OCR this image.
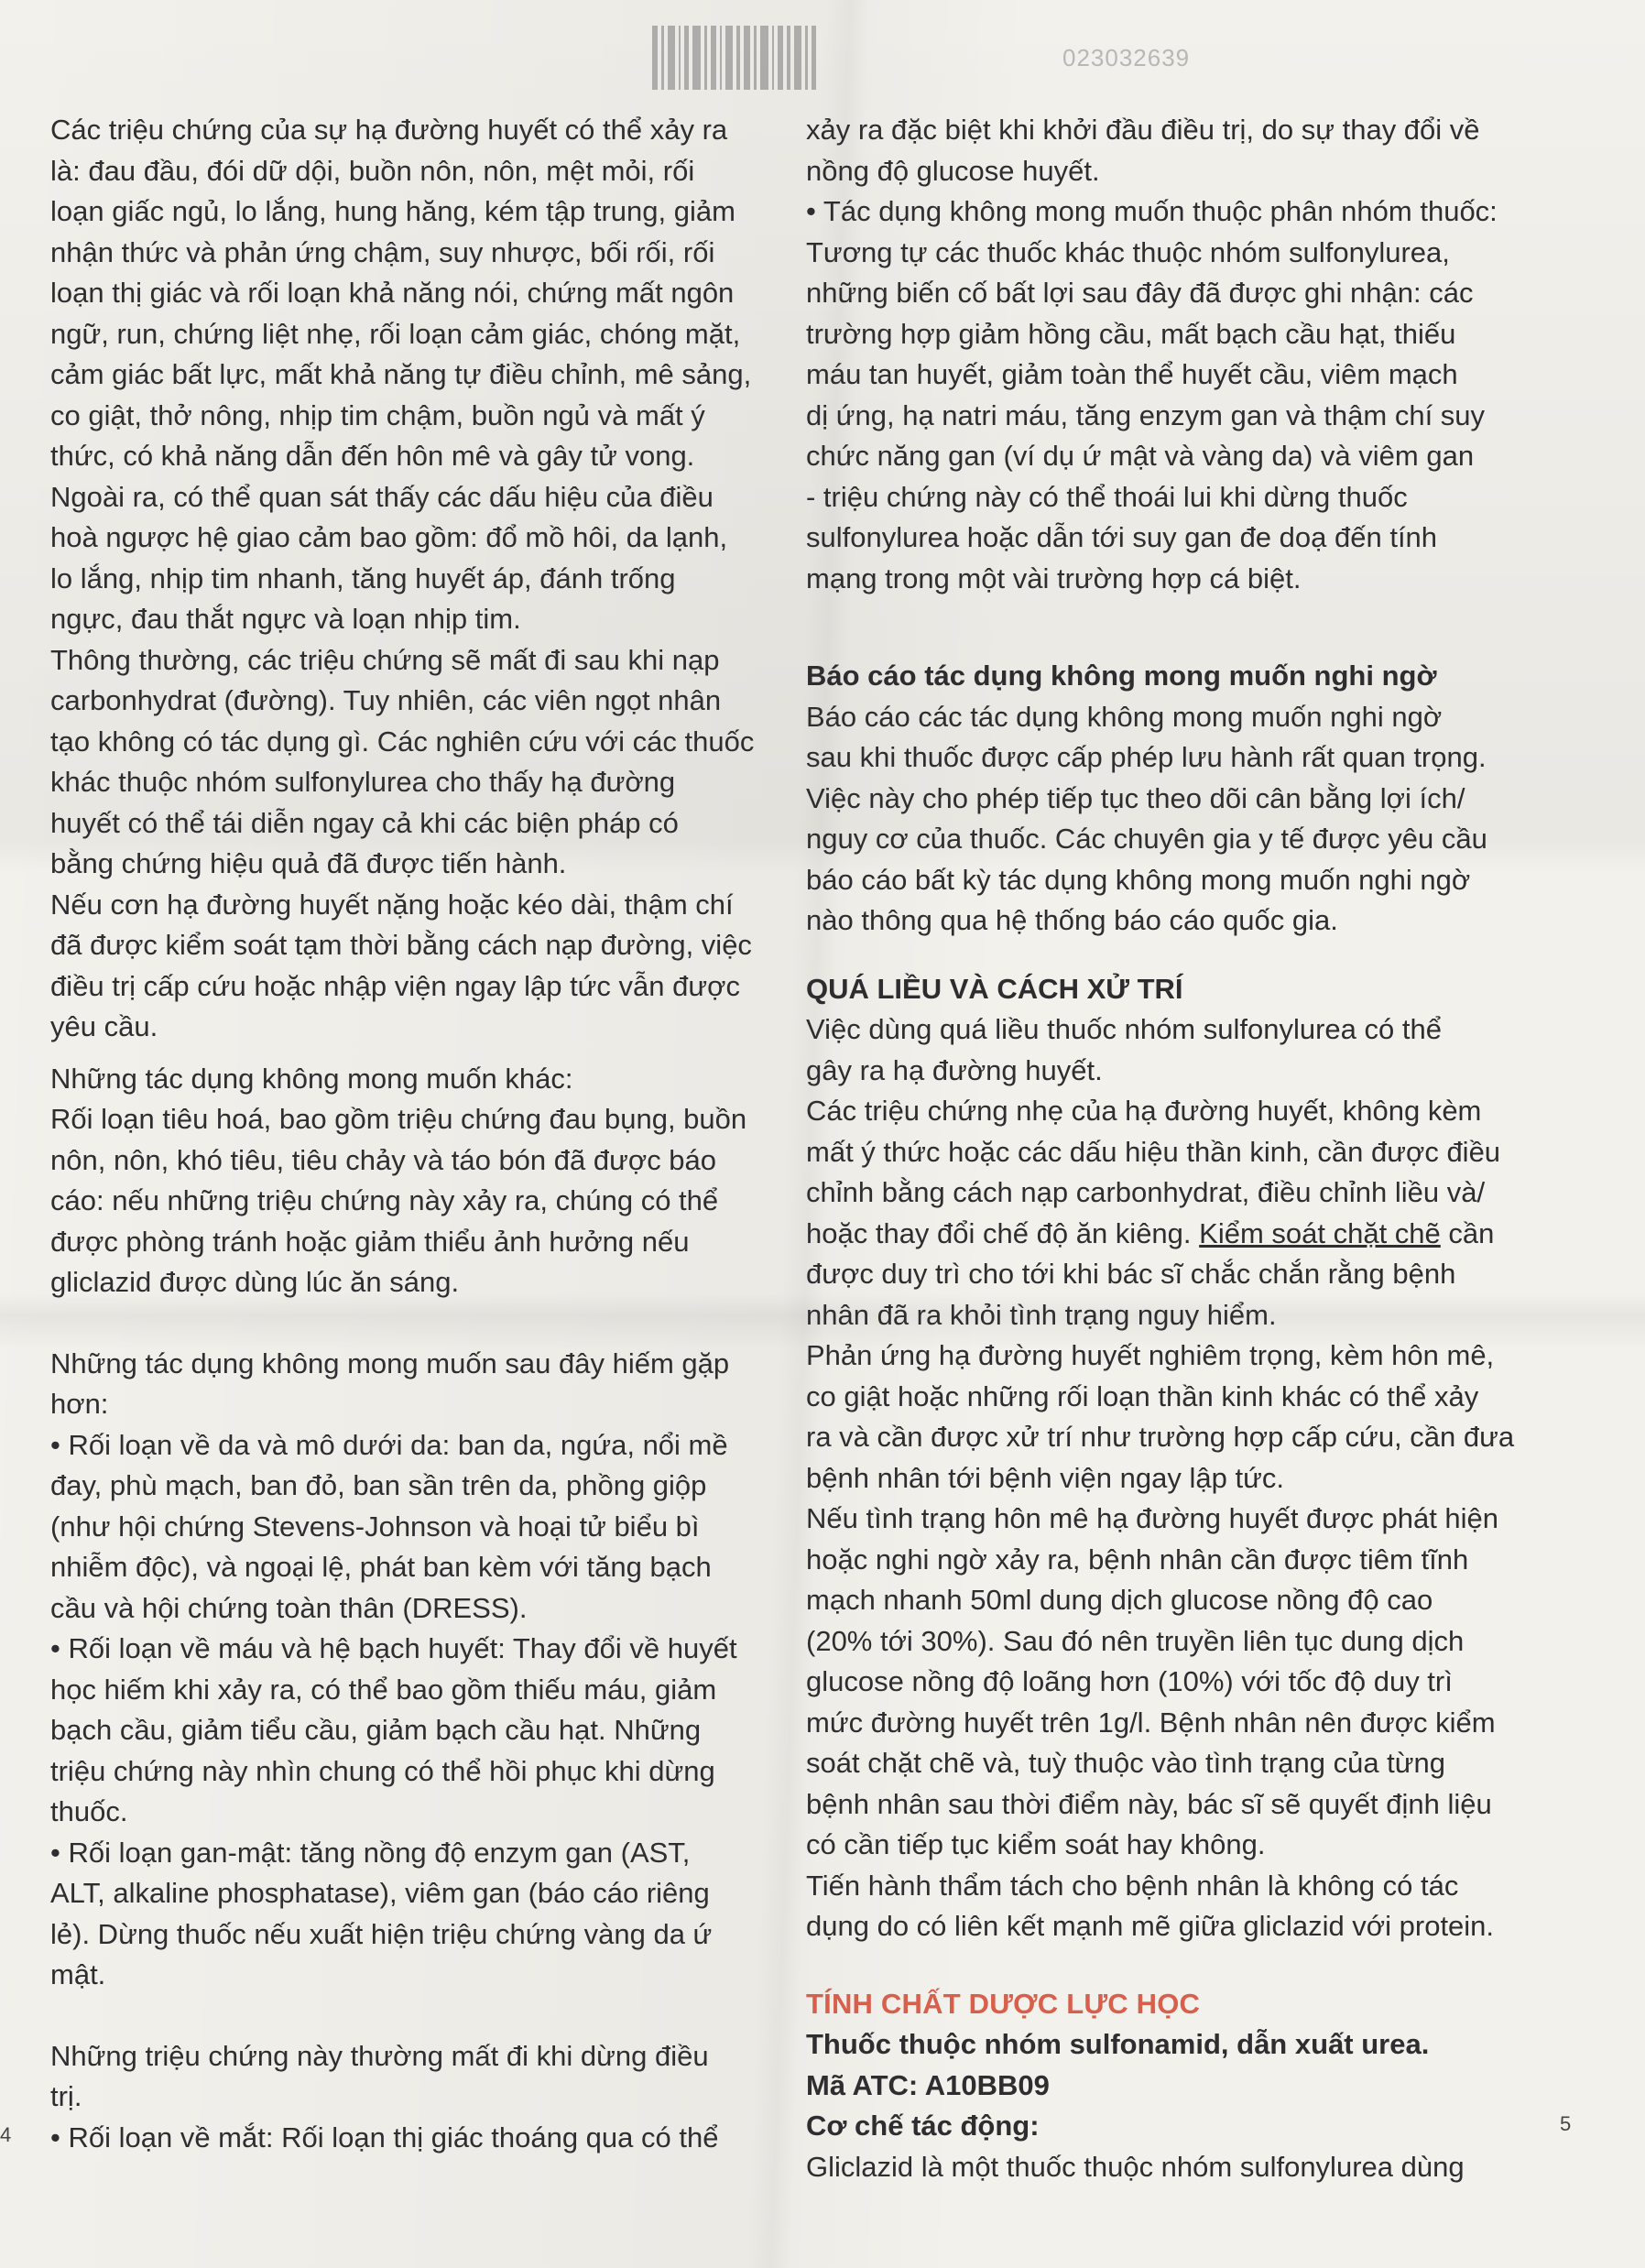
023032639

Các triệu chứng của sự hạ đường huyết có thể xảy ra
là: đau đầu, đói dữ dội, buồn nôn, nôn, mệt mỏi, rối
loạn giấc ngủ, lo lắng, hung hăng, kém tập trung, giảm
nhận thức và phản ứng chậm, suy nhược, bối rối, rối
loạn thị giác và rối loạn khả năng nói, chứng mất ngôn
ngữ, run, chứng liệt nhẹ, rối loạn cảm giác, chóng mặt,
cảm giác bất lực, mất khả năng tự điều chỉnh, mê sảng,
co giật, thở nông, nhịp tim chậm, buồn ngủ và mất ý
thức, có khả năng dẫn đến hôn mê và gây tử vong.

Ngoài ra, có thể quan sát thấy các dấu hiệu của điều
hoà ngược hệ giao cảm bao gồm: đổ mồ hôi, da lạnh,
lo lắng, nhịp tim nhanh, tăng huyết áp, đánh trống
ngực, đau thắt ngực và loạn nhịp tim.

Thông thường, các triệu chứng sẽ mất đi sau khi nạp
carbonhydrat (đường). Tuy nhiên, các viên ngọt nhân
tạo không có tác dụng gì. Các nghiên cứu với các thuốc
khác thuộc nhóm sulfonylurea cho thấy hạ đường
huyết có thể tái diễn ngay cả khi các biện pháp có
bằng chứng hiệu quả đã được tiến hành.

Nếu cơn hạ đường huyết nặng hoặc kéo dài, thậm chí
đã được kiểm soát tạm thời bằng cách nạp đường, việc
điều trị cấp cứu hoặc nhập viện ngay lập tức vẫn được
yêu cầu.

Những tác dụng không mong muốn khác:
Rối loạn tiêu hoá, bao gồm triệu chứng đau bụng, buồn
nôn, nôn, khó tiêu, tiêu chảy và táo bón đã được báo
cáo: nếu những triệu chứng này xảy ra, chúng có thể
được phòng tránh hoặc giảm thiểu ảnh hưởng nếu
gliclazid được dùng lúc ăn sáng.

Những tác dụng không mong muốn sau đây hiếm gặp
hơn:
• Rối loạn về da và mô dưới da: ban da, ngứa, nổi mề
đay, phù mạch, ban đỏ, ban sần trên da, phồng giộp
(như hội chứng Stevens-Johnson và hoại tử biểu bì
nhiễm độc), và ngoại lệ, phát ban kèm với tăng bạch
cầu và hội chứng toàn thân (DRESS).
• Rối loạn về máu và hệ bạch huyết: Thay đổi về huyết
học hiếm khi xảy ra, có thể bao gồm thiếu máu, giảm
bạch cầu, giảm tiểu cầu, giảm bạch cầu hạt. Những
triệu chứng này nhìn chung có thể hồi phục khi dừng
thuốc.
• Rối loạn gan-mật: tăng nồng độ enzym gan (AST,
ALT, alkaline phosphatase), viêm gan (báo cáo riêng
lẻ). Dừng thuốc nếu xuất hiện triệu chứng vàng da ứ
mật.

Những triệu chứng này thường mất đi khi dừng điều
trị.
• Rối loạn về mắt: Rối loạn thị giác thoáng qua có thể

xảy ra đặc biệt khi khởi đầu điều trị, do sự thay đổi về
nồng độ glucose huyết.
• Tác dụng không mong muốn thuộc phân nhóm thuốc:
Tương tự các thuốc khác thuộc nhóm sulfonylurea,
những biến cố bất lợi sau đây đã được ghi nhận: các
trường hợp giảm hồng cầu, mất bạch cầu hạt, thiếu
máu tan huyết, giảm toàn thể huyết cầu, viêm mạch
dị ứng, hạ natri máu, tăng enzym gan và thậm chí suy
chức năng gan (ví dụ ứ mật và vàng da) và viêm gan
- triệu chứng này có thể thoái lui khi dừng thuốc
sulfonylurea hoặc dẫn tới suy gan đe doạ đến tính
mạng trong một vài trường hợp cá biệt.

Báo cáo tác dụng không mong muốn nghi ngờ

Báo cáo các tác dụng không mong muốn nghi ngờ
sau khi thuốc được cấp phép lưu hành rất quan trọng.
Việc này cho phép tiếp tục theo dõi cân bằng lợi ích/
nguy cơ của thuốc. Các chuyên gia y tế được yêu cầu
báo cáo bất kỳ tác dụng không mong muốn nghi ngờ
nào thông qua hệ thống báo cáo quốc gia.

QUÁ LIỀU VÀ CÁCH XỬ TRÍ

Việc dùng quá liều thuốc nhóm sulfonylurea có thể
gây ra hạ đường huyết.

Các triệu chứng nhẹ của hạ đường huyết, không kèm
mất ý thức hoặc các dấu hiệu thần kinh, cần được điều
chỉnh bằng cách nạp carbonhydrat, điều chỉnh liều và/
hoặc thay đổi chế độ ăn kiêng. Kiểm soát chặt chẽ cần
được duy trì cho tới khi bác sĩ chắc chắn rằng bệnh
nhân đã ra khỏi tình trạng nguy hiểm.

Phản ứng hạ đường huyết nghiêm trọng, kèm hôn mê,
co giật hoặc những rối loạn thần kinh khác có thể xảy
ra và cần được xử trí như trường hợp cấp cứu, cần đưa
bệnh nhân tới bệnh viện ngay lập tức.

Nếu tình trạng hôn mê hạ đường huyết được phát hiện
hoặc nghi ngờ xảy ra, bệnh nhân cần được tiêm tĩnh
mạch nhanh 50ml dung dịch glucose nồng độ cao
(20% tới 30%). Sau đó nên truyền liên tục dung dịch
glucose nồng độ loãng hơn (10%) với tốc độ duy trì
mức đường huyết trên 1g/l. Bệnh nhân nên được kiểm
soát chặt chẽ và, tuỳ thuộc vào tình trạng của từng
bệnh nhân sau thời điểm này, bác sĩ sẽ quyết định liệu
có cần tiếp tục kiểm soát hay không.

Tiến hành thẩm tách cho bệnh nhân là không có tác
dụng do có liên kết mạnh mẽ giữa gliclazid với protein.

TÍNH CHẤT DƯỢC LỰC HỌC

Thuốc thuộc nhóm sulfonamid, dẫn xuất urea.

Mã ATC: A10BB09

Cơ chế tác động:

Gliclazid là một thuốc thuộc nhóm sulfonylurea dùng

4	5
